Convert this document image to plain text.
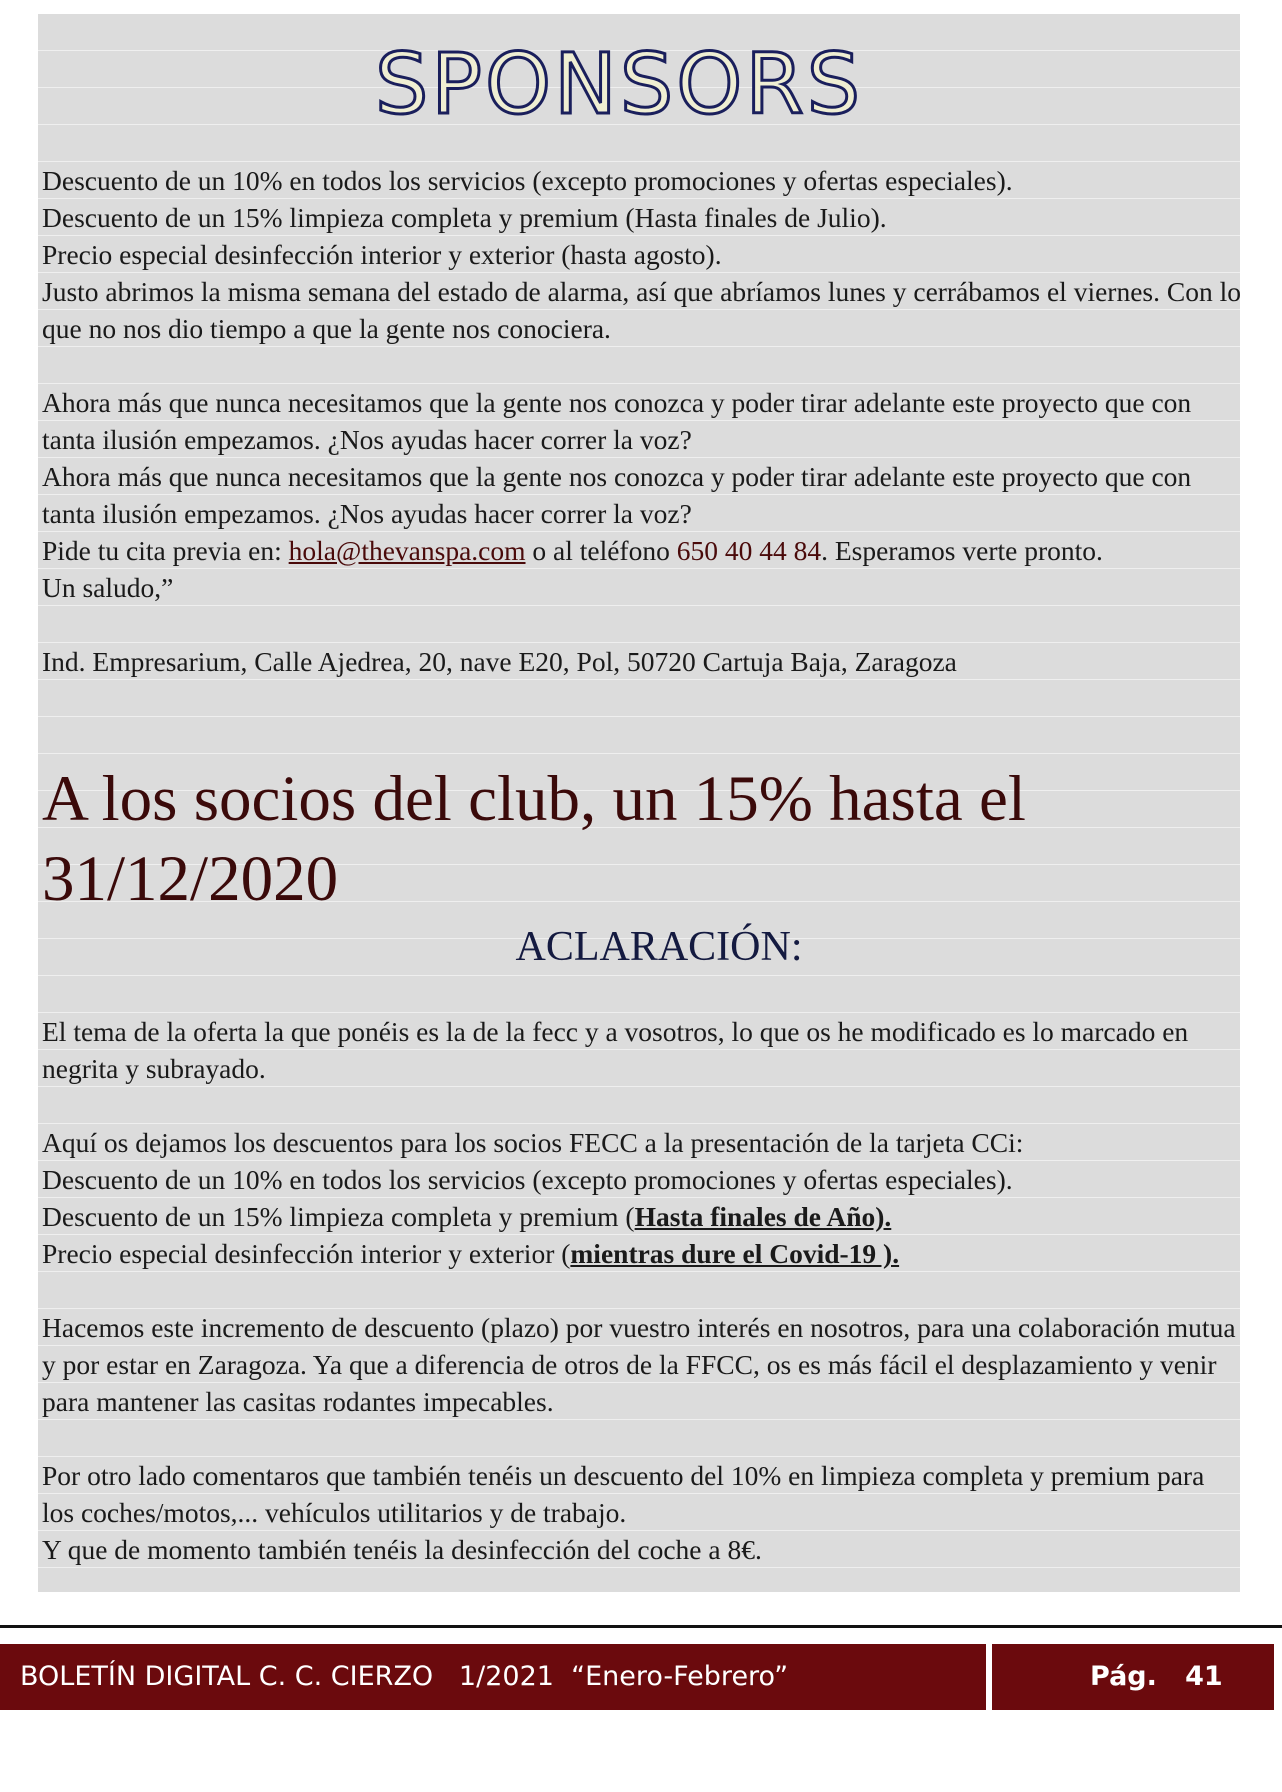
SPONSORS

Descuento de un 10% en todos los servicios (excepto promociones y ofertas especiales).

Descuento de un 15% limpieza completa y premium (Hasta finales de Julio).

Precio especial desinfección interior y exterior (hasta agosto).

Justo abrimos la misma semana del estado de alarma, así que abríamos lunes y cerrábamos el viernes. Con lo que no nos dio tiempo a que la gente nos conociera.

Ahora más que nunca necesitamos que la gente nos conozca y poder tirar adelante este proyecto que con tanta ilusión empezamos. ¿Nos ayudas hacer correr la voz?

Ahora más que nunca necesitamos que la gente nos conozca y poder tirar adelante este proyecto que con tanta ilusión empezamos. ¿Nos ayudas hacer correr la voz?

Pide tu cita previa en: hola@thevanspa.com o al teléfono 650 40 44 84. Esperamos verte pronto.

Un saludo,”

Ind. Empresarium, Calle Ajedrea, 20, nave E20, Pol, 50720 Cartuja Baja, Zaragoza

A los socios del club, un 15% hasta el 31/12/2020
ACLARACIÓN:

El tema de la oferta la que ponéis es la de la fecc y a vosotros, lo que os he modificado es lo marcado en negrita y subrayado.

Aquí os dejamos los descuentos para los socios FECC a la presentación de la tarjeta CCi:

Descuento de un 10% en todos los servicios (excepto promociones y ofertas especiales).

Descuento de un 15% limpieza completa y premium (Hasta finales de Año).

Precio especial desinfección interior y exterior (mientras dure el Covid-19 ).

Hacemos este incremento de descuento (plazo) por vuestro interés en nosotros, para una colaboración mutua y por estar en Zaragoza. Ya que a diferencia de otros de la FFCC, os es más fácil el desplazamiento y venir para mantener las casitas rodantes impecables.

Por otro lado comentaros que también tenéis un descuento del 10% en limpieza completa y premium para los coches/motos,... vehículos utilitarios y de trabajo.

Y que de momento también tenéis la desinfección del coche a 8€.

BOLETÍN DIGITAL C. C. CIERZO   1/2021  “Enero-Febrero”	Pág.   41
